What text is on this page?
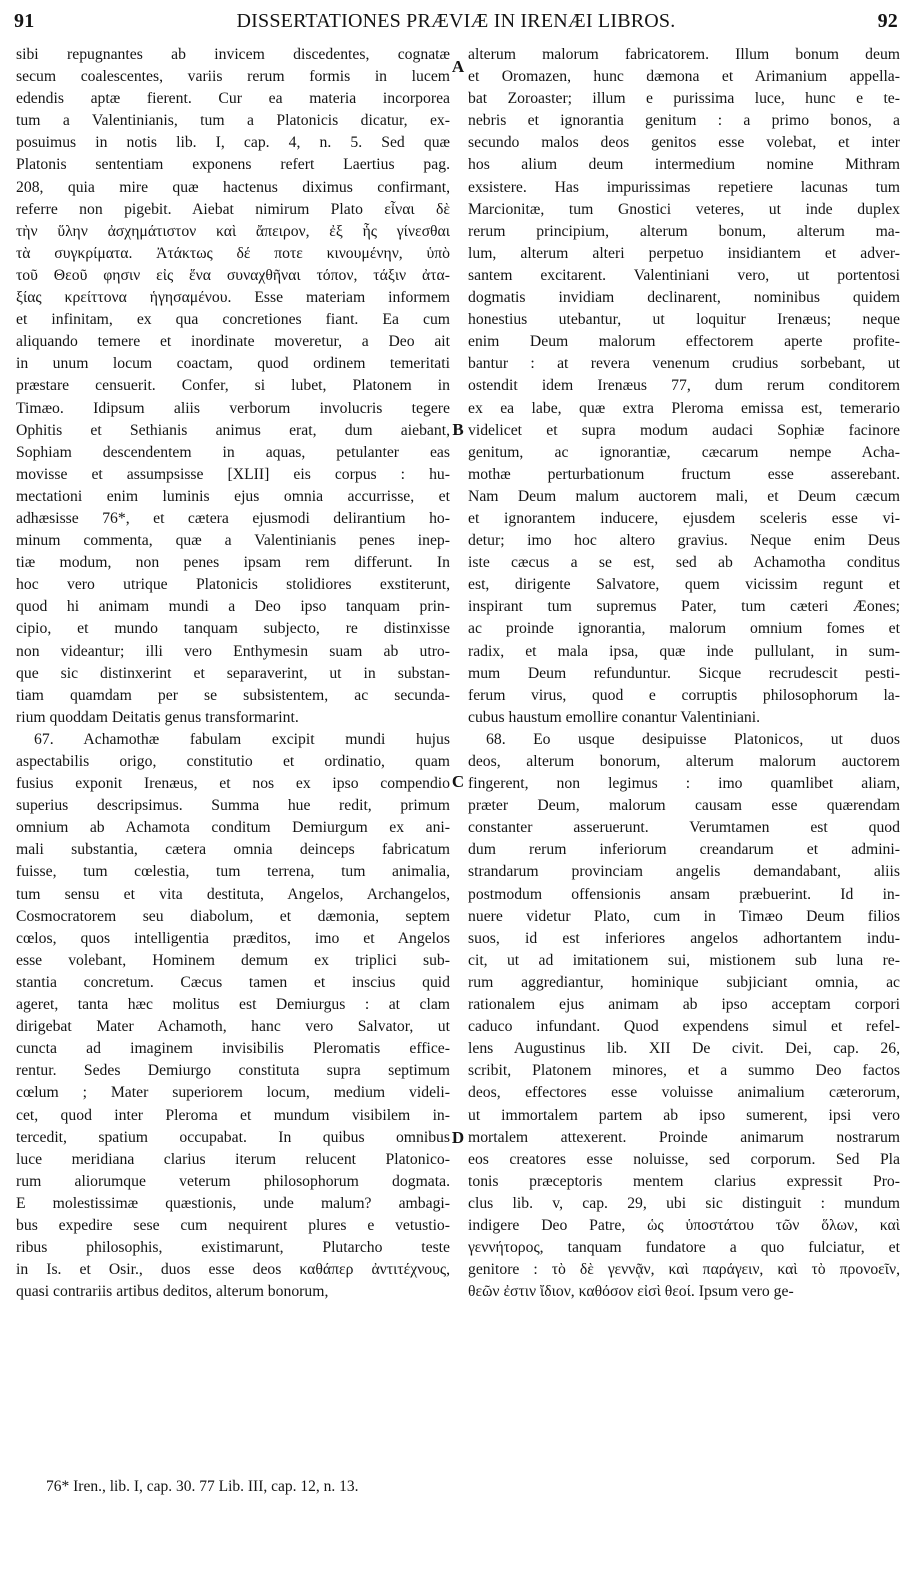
91	DISSERTATIONES PRÆVIÆ IN IRENÆI LIBROS.	92
sibi repugnantes ab invicem discedentes, cognatæ
secum coalescentes, variis rerum formis in lucem
edendis aptæ fierent. Cur ea materia incorporea
tum a Valentinianis, tum a Platonicis dicatur, ex-
posuimus in notis lib. I, cap. 4, n. 5. Sed quæ
Platonis sententiam exponens refert Laertius pag.
208, quia mire quæ hactenus diximus confirmant,
referre non pigebit. Aiebat nimirum Plato εἶναι δὲ
τὴν ὕλην ἀσχημάτιστον καὶ ἄπειρον, ἐξ ἧς γίνεσθαι
τὰ συγκρίματα. Ἀτάκτως δέ ποτε κινουμένην, ὑπὸ
τοῦ Θεοῦ φησιν εἰς ἕνα συναχθῆναι τόπον, τάξιν ἀτα-
ξίας κρείττονα ἡγησαμένου. Esse materiam informem
et infinitam, ex qua concretiones fiant. Ea cum
aliquando temere et inordinate moveretur, a Deo ait
in unum locum coactam, quod ordinem temeritati
præstare censuerit. Confer, si lubet, Platonem in
Timæo. Idipsum aliis verborum involucris tegere
Ophitis et Sethianis animus erat, dum aiebant,
Sophiam descendentem in aquas, petulanter eas
movisse et assumpsisse [XLII] eis corpus : hu-
mectationi enim luminis ejus omnia accurrisse, et
adhæsisse 76*, et cætera ejusmodi delirantium ho-
minum commenta, quæ a Valentinianis penes inep-
tiæ modum, non penes ipsam rem differunt. In
hoc vero utrique Platonicis stolidiores exstiterunt,
quod hi animam mundi a Deo ipso tanquam prin-
cipio, et mundo tanquam subjecto, re distinxisse
non videantur; illi vero Enthymesin suam ab utro-
que sic distinxerint et separaverint, ut in substan-
tiam quamdam per se subsistentem, ac secunda-
rium quoddam Deitatis genus transformarint.
67. Achamothæ fabulam excipit mundi hujus
aspectabilis origo, constitutio et ordinatio, quam
fusius exponit Irenæus, et nos ex ipso compendio
superius descripsimus. Summa hue redit, primum
omnium ab Achamota conditum Demiurgum ex ani-
mali substantia, cætera omnia deinceps fabricatum
fuisse, tum cœlestia, tum terrena, tum animalia,
tum sensu et vita destituta, Angelos, Archangelos,
Cosmocratorem seu diabolum, et dæmonia, septem
cœlos, quos intelligentia præditos, imo et Angelos
esse volebant, Hominem demum ex triplici sub-
stantia concretum. Cæcus tamen et inscius quid
ageret, tanta hæc molitus est Demiurgus : at clam
dirigebat Mater Achamoth, hanc vero Salvator, ut
cuncta ad imaginem invisibilis Pleromatis effice-
rentur. Sedes Demiurgo constituta supra septimum
cœlum ; Mater superiorem locum, medium videli-
cet, quod inter Pleroma et mundum visibilem in-
tercedit, spatium occupabat. In quibus omnibus
luce meridiana clarius iterum relucent Platonico-
rum aliorumque veterum philosophorum dogmata.
E molestissimæ quæstionis, unde malum? ambagi-
bus expedire sese cum nequirent plures e vetustio-
ribus philosophis, existimarunt, Plutarcho teste
in Is. et Osir., duos esse deos καθάπερ ἀντιτέχνους,
quasi contrariis artibus deditos, alterum bonorum,
alterum malorum fabricatorem. Illum bonum deum
et Oromazen, hunc dæmona et Arimanium appella-
bat Zoroaster; illum e purissima luce, hunc e te-
nebris et ignorantia genitum : a primo bonos, a
secundo malos deos genitos esse volebat, et inter
hos alium deum intermedium nomine Mithram
exsistere. Has impurissimas repetiere lacunas tum
Marcionitæ, tum Gnostici veteres, ut inde duplex
rerum principium, alterum bonum, alterum ma-
lum, alterum alteri perpetuo insidiantem et adver-
santem excitarent. Valentiniani vero, ut portentosi
dogmatis invidiam declinarent, nominibus quidem
honestius utebantur, ut loquitur Irenæus; neque
enim Deum malorum effectorem aperte profite-
bantur : at revera venenum crudius sorbebant, ut
ostendit idem Irenæus 77, dum rerum conditorem
ex ea labe, quæ extra Pleroma emissa est, temerario
videlicet et supra modum audaci Sophiæ facinore
genitum, ac ignorantiæ, cæcarum nempe Acha-
mothæ perturbationum fructum esse asserebant.
Nam Deum malum auctorem mali, et Deum cæcum
et ignorantem inducere, ejusdem sceleris esse vi-
detur; imo hoc altero gravius. Neque enim Deus
iste cæcus a se est, sed ab Achamotha conditus
est, dirigente Salvatore, quem vicissim regunt et
inspirant tum supremus Pater, tum cæteri Æones;
ac proinde ignorantia, malorum omnium fomes et
radix, et mala ipsa, quæ inde pullulant, in sum-
mum Deum refunduntur. Sicque recrudescit pesti-
ferum virus, quod e corruptis philosophorum la-
cubus haustum emollire conantur Valentiniani.
68. Eo usque desipuisse Platonicos, ut duos
deos, alterum bonorum, alterum malorum auctorem
fingerent, non legimus : imo quamlibet aliam,
præter Deum, malorum causam esse quærendam
constanter asseruerunt. Verumtamen est quod
dum rerum inferiorum creandarum et admini-
strandarum provinciam angelis demandabant, aliis
postmodum offensionis ansam præbuerint. Id in-
nuere videtur Plato, cum in Timæo Deum filios
suos, id est inferiores angelos adhortantem indu-
cit, ut ad imitationem sui, mistionem sub luna re-
rum aggrediantur, hominique subjiciant omnia, ac
rationalem ejus animam ab ipso acceptam corpori
caduco infundant. Quod expendens simul et refel-
lens Augustinus lib. XII De civit. Dei, cap. 26,
scribit, Platonem minores, et a summo Deo factos
deos, effectores esse voluisse animalium cæterorum,
ut immortalem partem ab ipso sumerent, ipsi vero
mortalem attexerent. Proinde animarum nostrarum
eos creatores esse noluisse, sed corporum. Sed Pla
tonis præceptoris mentem clarius expressit Pro-
clus lib. v, cap. 29, ubi sic distinguit : mundum
indigere Deo Patre, ὡς ὑποστάτου τῶν ὅλων, καὶ
γεννήτορος, tanquam fundatore a quo fulciatur, et
genitore : τὸ δὲ γεννᾷν, καὶ παράγειν, καὶ τὸ προνοεῖν,
θεῶν ἐστιν ἴδιον, καθόσον εἰσὶ θεοί. Ipsum vero ge-
A
B
C
D
76* Iren., lib. I, cap. 30. 77 Lib. III, cap. 12, n. 13.
